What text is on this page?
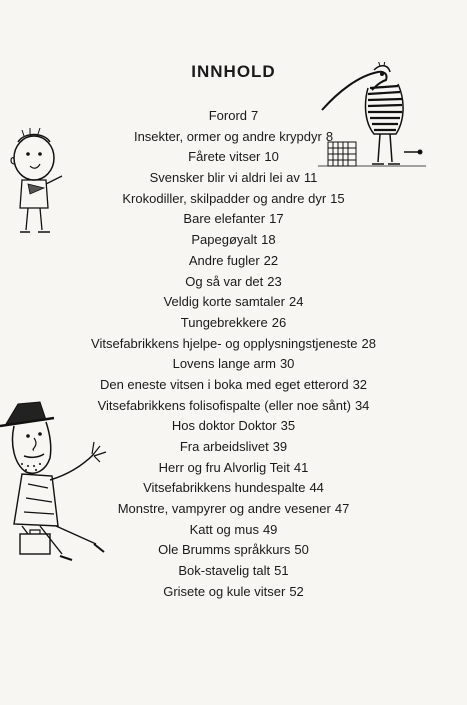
INNHOLD
Forord 7
Insekter, ormer og andre krypdyr 8
Fårete vitser 10
Svensker blir vi aldri lei av 11
Krokodiller, skilpadder og andre dyr 15
Bare elefanter 17
Papegøyalt 18
Andre fugler 22
Og så var det 23
Veldig korte samtaler 24
Tungebrekkere 26
Vitsefabrikkens hjelpe- og opplysningstjeneste 28
Lovens lange arm 30
Den eneste vitsen i boka med eget etterord 32
Vitsefabrikkens folisofispalte (eller noe sånt) 34
Hos doktor Doktor 35
Fra arbeidslivet 39
Herr og fru Alvorlig Teit 41
Vitsefabrikkens hundespalte 44
Monstre, vampyrer og andre vesener 47
Katt og mus 49
Ole Brumms språkkurs 50
Bok-stavelig talt 51
Grisete og kule vitser 52
